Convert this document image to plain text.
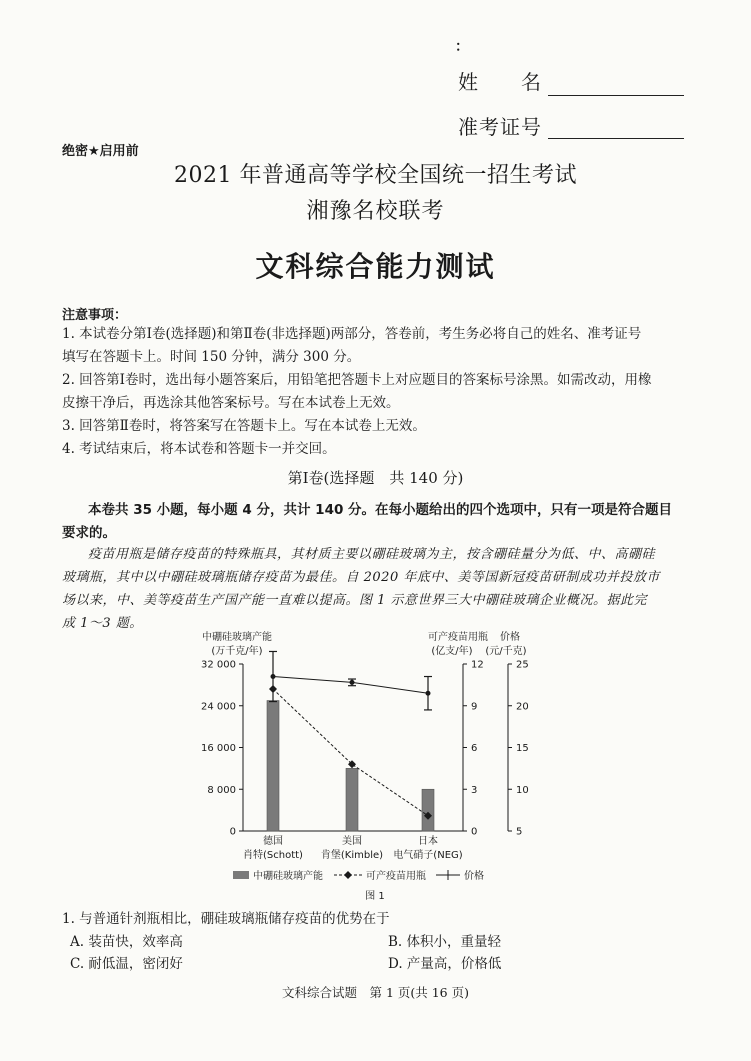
：
姓　　名
准考证号
绝密★启用前
2021 年普通高等学校全国统一招生考试
湘豫名校联考
文科综合能力测试
注意事项：
1. 本试卷分第Ⅰ卷(选择题)和第Ⅱ卷(非选择题)两部分，答卷前，考生务必将自己的姓名、准考证号
填写在答题卡上。时间 150 分钟，满分 300 分。
2. 回答第Ⅰ卷时，选出每小题答案后，用铅笔把答题卡上对应题目的答案标号涂黑。如需改动，用橡
皮擦干净后，再选涂其他答案标号。写在本试卷上无效。
3. 回答第Ⅱ卷时，将答案写在答题卡上。写在本试卷上无效。
4. 考试结束后，将本试卷和答题卡一并交回。
第Ⅰ卷(选择题　共 140 分)
本卷共 35 小题，每小题 4 分，共计 140 分。在每小题给出的四个选项中，只有一项是符合题目
要求的。
疫苗用瓶是储存疫苗的特殊瓶具，其材质主要以硼硅玻璃为主，按含硼硅量分为低、中、高硼硅
玻璃瓶，其中以中硼硅玻璃瓶储存疫苗为最佳。自 2020 年底中、美等国新冠疫苗研制成功并投放市
场以来，中、美等疫苗生产国产能一直难以提高。图 1 示意世界三大中硼硅玻璃企业概况。据此完
成 1～3 题。
中硼硅玻璃产能
(万千克/年)
可产疫苗用瓶
(亿支/年)
价格
(元/千克)
32 000
24 000
16 000
8 000
0
12
9
6
3
0
25
20
15
10
5
德国
肖特(Schott)
美国
肯堡(Kimble)
日本
电气硝子(NEG)
中硼硅玻璃产能	可产疫苗用瓶	价格
图 1
1. 与普通针剂瓶相比，硼硅玻璃瓶储存疫苗的优势在于
A. 装苗快，效率高	B. 体积小，重量轻
C. 耐低温，密闭好	D. 产量高，价格低
文科综合试题　第 1 页(共 16 页)
